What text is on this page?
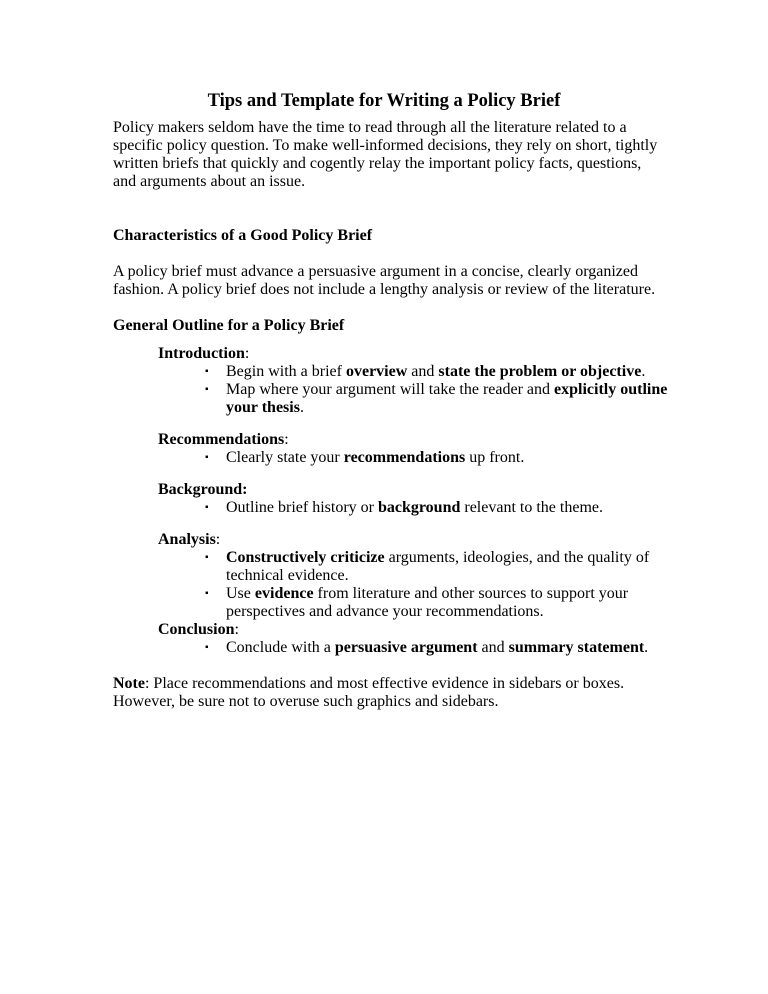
Tips and Template for Writing a Policy Brief
Policy makers seldom have the time to read through all the literature related to a specific policy question. To make well-informed decisions, they rely on short, tightly written briefs that quickly and cogently relay the important policy facts, questions, and arguments about an issue.
Characteristics of a Good Policy Brief
A policy brief must advance a persuasive argument in a concise, clearly organized fashion. A policy brief does not include a lengthy analysis or review of the literature.
General Outline for a Policy Brief
Introduction:
▪ Begin with a brief overview and state the problem or objective.
▪ Map where your argument will take the reader and explicitly outline your thesis.
Recommendations:
▪ Clearly state your recommendations up front.
Background:
▪ Outline brief history or background relevant to the theme.
Analysis:
▪ Constructively criticize arguments, ideologies, and the quality of technical evidence.
▪ Use evidence from literature and other sources to support your perspectives and advance your recommendations.
Conclusion:
▪ Conclude with a persuasive argument and summary statement.
Note: Place recommendations and most effective evidence in sidebars or boxes. However, be sure not to overuse such graphics and sidebars.
